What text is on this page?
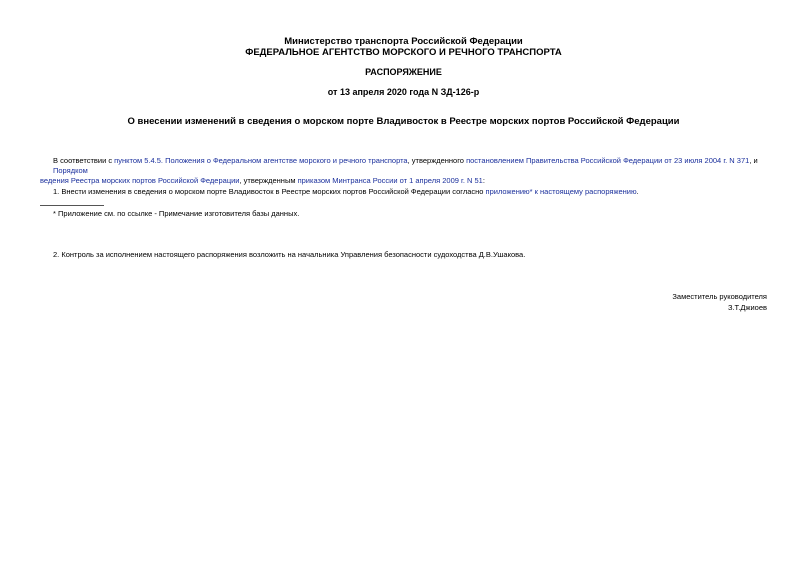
Министерство транспорта Российской Федерации
ФЕДЕРАЛЬНОЕ АГЕНТСТВО МОРСКОГО И РЕЧНОГО ТРАНСПОРТА
РАСПОРЯЖЕНИЕ
от 13 апреля 2020 года N ЗД-126-р
О внесении изменений в сведения о морском порте Владивосток в Реестре морских портов Российской Федерации
В соответствии с пунктом 5.4.5. Положения о Федеральном агентстве морского и речного транспорта, утвержденного постановлением Правительства Российской Федерации от 23 июля 2004 г. N 371, и Порядком
ведения Реестра морских портов Российской Федерации, утвержденным приказом Минтранса России от 1 апреля 2009 г. N 51:
1. Внести изменения в сведения о морском порте Владивосток в Реестре морских портов Российской Федерации согласно приложению* к настоящему распоряжению.
* Приложение см. по ссылке - Примечание изготовителя базы данных.
2. Контроль за исполнением настоящего распоряжения возложить на начальника Управления безопасности судоходства Д.В.Ушакова.
Заместитель руководителя
З.Т.Джиоев
